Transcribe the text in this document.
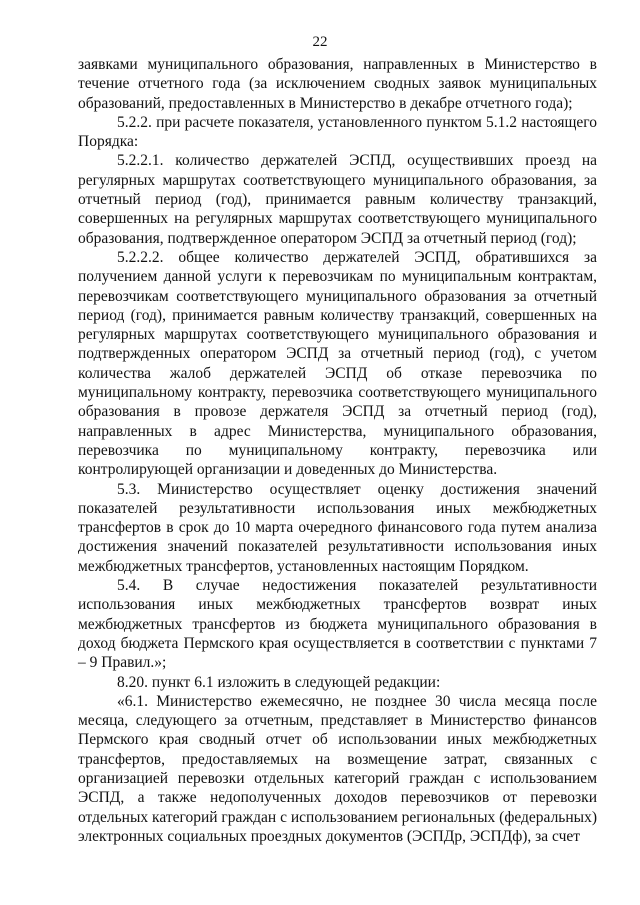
22

заявками муниципального образования, направленных в Министерство в течение отчетного года (за исключением сводных заявок муниципальных образований, предоставленных в Министерство в декабре отчетного года);

5.2.2. при расчете показателя, установленного пунктом 5.1.2 настоящего Порядка:

5.2.2.1. количество держателей ЭСПД, осуществивших проезд на регулярных маршрутах соответствующего муниципального образования, за отчетный период (год), принимается равным количеству транзакций, совершенных на регулярных маршрутах соответствующего муниципального образования, подтвержденное оператором ЭСПД за отчетный период (год);

5.2.2.2. общее количество держателей ЭСПД, обратившихся за получением данной услуги к перевозчикам по муниципальным контрактам, перевозчикам соответствующего муниципального образования за отчетный период (год), принимается равным количеству транзакций, совершенных на регулярных маршрутах соответствующего муниципального образования и подтвержденных оператором ЭСПД за отчетный период (год), с учетом количества жалоб держателей ЭСПД об отказе перевозчика по муниципальному контракту, перевозчика соответствующего муниципального образования в провозе держателя ЭСПД за отчетный период (год), направленных в адрес Министерства, муниципального образования, перевозчика по муниципальному контракту, перевозчика или контролирующей организации и доведенных до Министерства.

5.3. Министерство осуществляет оценку достижения значений показателей результативности использования иных межбюджетных трансфертов в срок до 10 марта очередного финансового года путем анализа достижения значений показателей результативности использования иных межбюджетных трансфертов, установленных настоящим Порядком.

5.4. В случае недостижения показателей результативности использования иных межбюджетных трансфертов возврат иных межбюджетных трансфертов из бюджета муниципального образования в доход бюджета Пермского края осуществляется в соответствии с пунктами 7 – 9 Правил.»;

8.20. пункт 6.1 изложить в следующей редакции:

«6.1. Министерство ежемесячно, не позднее 30 числа месяца после месяца, следующего за отчетным, представляет в Министерство финансов Пермского края сводный отчет об использовании иных межбюджетных трансфертов, предоставляемых на возмещение затрат, связанных с организацией перевозки отдельных категорий граждан с использованием ЭСПД, а также недополученных доходов перевозчиков от перевозки отдельных категорий граждан с использованием региональных (федеральных) электронных социальных проездных документов (ЭСПДр, ЭСПДф), за счет
